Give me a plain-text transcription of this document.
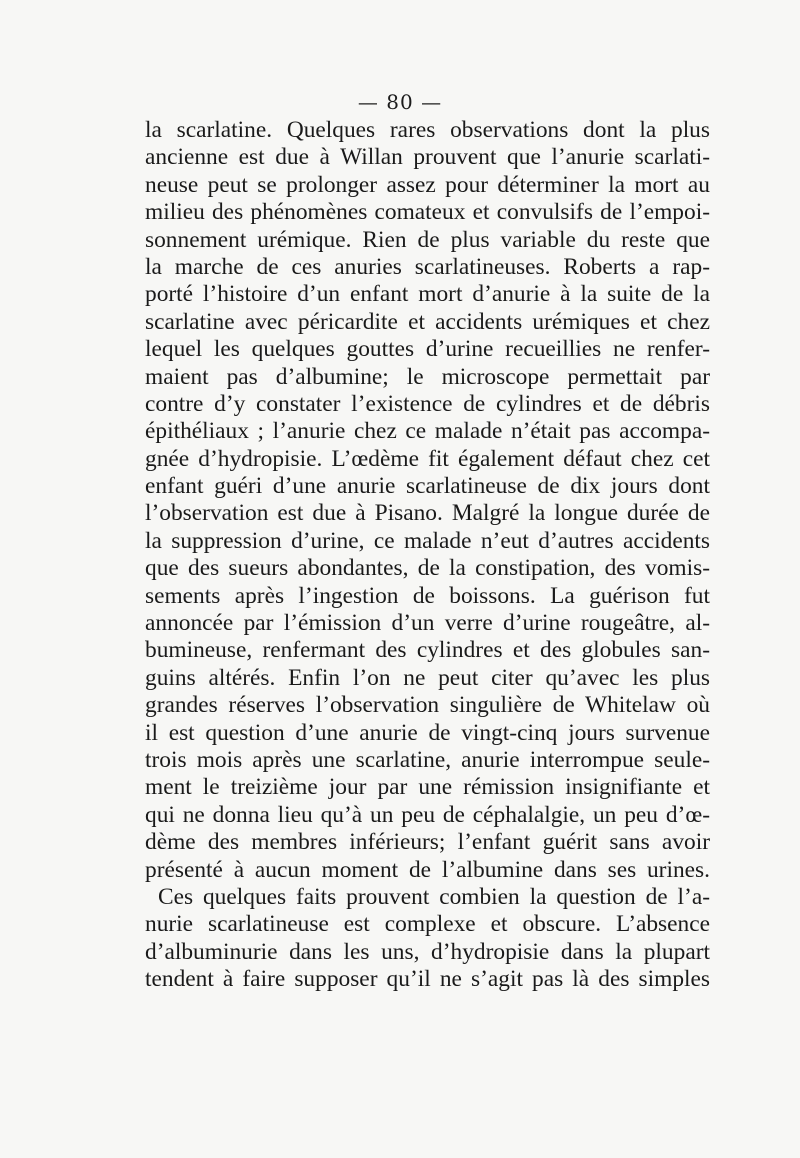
— 80 —
la scarlatine. Quelques rares observations dont la plus
ancienne est due à Willan prouvent que l’anurie scarlati-
neuse peut se prolonger assez pour déterminer la mort au
milieu des phénomènes comateux et convulsifs de l’empoi-
sonnement urémique. Rien de plus variable du reste que
la marche de ces anuries scarlatineuses. Roberts a rap-
porté l’histoire d’un enfant mort d’anurie à la suite de la
scarlatine avec péricardite et accidents urémiques et chez
lequel les quelques gouttes d’urine recueillies ne renfer-
maient pas d’albumine; le microscope permettait par
contre d’y constater l’existence de cylindres et de débris
épithéliaux ; l’anurie chez ce malade n’était pas accompa-
gnée d’hydropisie. L’œdème fit également défaut chez cet
enfant guéri d’une anurie scarlatineuse de dix jours dont
l’observation est due à Pisano. Malgré la longue durée de
la suppression d’urine, ce malade n’eut d’autres accidents
que des sueurs abondantes, de la constipation, des vomis-
sements après l’ingestion de boissons. La guérison fut
annoncée par l’émission d’un verre d’urine rougeâtre, al-
bumineuse, renfermant des cylindres et des globules san-
guins altérés. Enfin l’on ne peut citer qu’avec les plus
grandes réserves l’observation singulière de Whitelaw où
il est question d’une anurie de vingt-cinq jours survenue
trois mois après une scarlatine, anurie interrompue seule-
ment le treizième jour par une rémission insignifiante et
qui ne donna lieu qu’à un peu de céphalalgie, un peu d’œ-
dème des membres inférieurs; l’enfant guérit sans avoir
présenté à aucun moment de l’albumine dans ses urines.
Ces quelques faits prouvent combien la question de l’a-
nurie scarlatineuse est complexe et obscure. L’absence
d’albuminurie dans les uns, d’hydropisie dans la plupart
tendent à faire supposer qu’il ne s’agit pas là des simples
